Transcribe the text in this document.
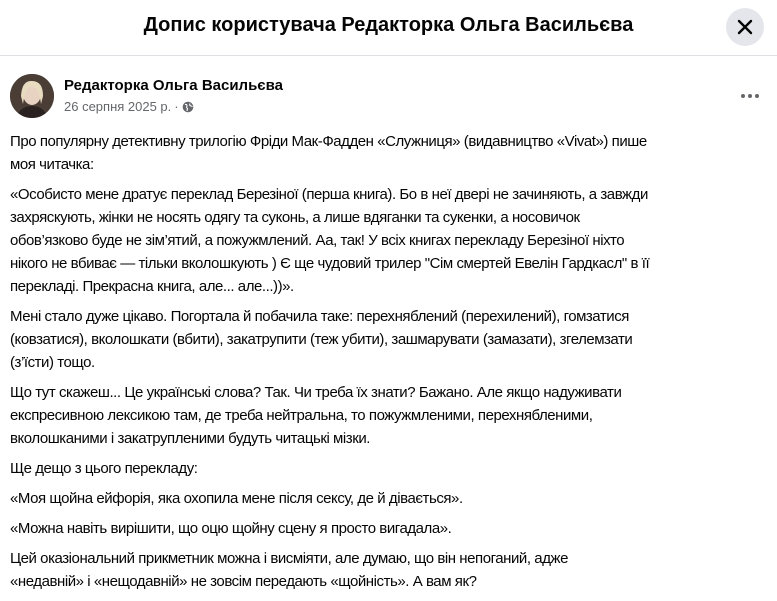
Допис користувача Редакторка Ольга Васильєва
Редакторка Ольга Васильєва
26 серпня 2025 р. ·
Про популярну детективну трилогію Фріди Мак-Фадден «Служниця» (видавництво «Vivat») пише
моя читачка:
«Особисто мене дратує переклад Березіної (перша книга). Бо в неї двері не зачиняють, а завжди
захряскують, жінки не носять одягу та суконь, а лише вдяганки та сукенки, а носовичок
обов’язково буде не зім’ятий, а пожужмлений. Аа, так! У всіх книгах перекладу Березіної ніхто
нікого не вбиває — тільки вколошкують ) Є ще чудовий трилер "Сім смертей Евелін Гардкасл" в її
перекладі. Прекрасна книга, але... але...))».
Мені стало дуже цікаво. Погортала й побачила таке: перехняблений (перехилений), гомзатися
(ковзатися), вколошкати (вбити), закатрупити (теж убити), зашмарувати (замазати), згелемзати
(з’їсти) тощо.
Що тут скажеш... Це українські слова? Так. Чи треба їх знати? Бажано. Але якщо надуживати
експресивною лексикою там, де треба нейтральна, то пожужмленими, перехнябленими,
вколошканими і закатрупленими будуть читацькі мізки.
Ще дещо з цього перекладу:
«Моя щойна ейфорія, яка охопила мене після сексу, де й дівається».
«Можна навіть вирішити, що оцю щойну сцену я просто вигадала».
Цей оказіональний прикметник можна і висміяти, але думаю, що він непоганий, адже
«недавній» і «нещодавній» не зовсім передають «щойність». А вам як?
